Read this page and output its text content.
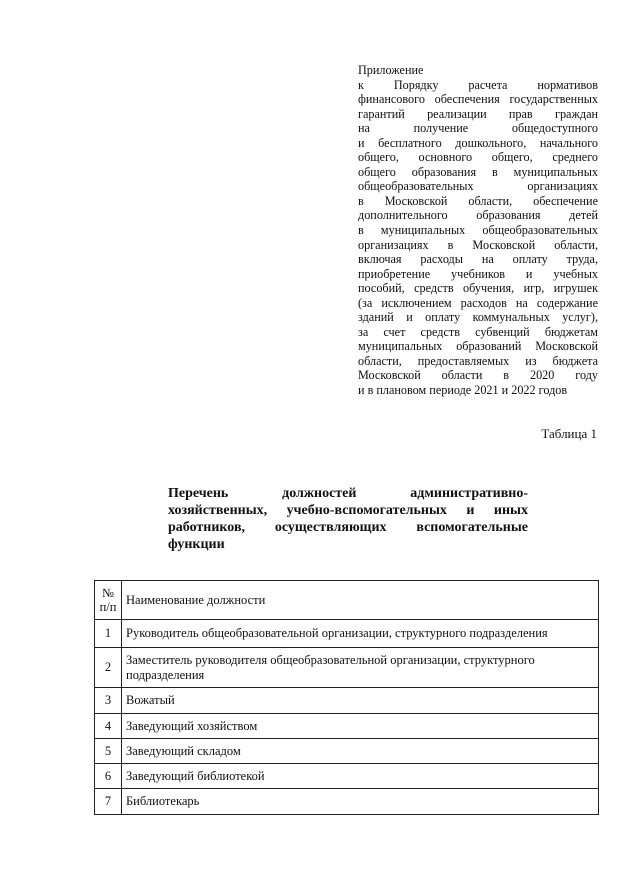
Приложение
к Порядку расчета нормативов
финансового обеспечения государственных
гарантий реализации прав граждан
на получение общедоступного
и бесплатного дошкольного, начального
общего, основного общего, среднего
общего образования в муниципальных
общеобразовательных организациях
в Московской области, обеспечение
дополнительного образования детей
в муниципальных общеобразовательных
организациях в Московской области,
включая расходы на оплату труда,
приобретение учебников и учебных
пособий, средств обучения, игр, игрушек
(за исключением расходов на содержание
зданий и оплату коммунальных услуг),
за счет средств субвенций бюджетам
муниципальных образований Московской
области, предоставляемых из бюджета
Московской области в 2020 году
и в плановом периоде 2021 и 2022 годов
Таблица 1
Перечень должностей административно-
хозяйственных, учебно-вспомогательных и иных
работников, осуществляющих вспомогательные
функции
№
п/п	Наименование должности
1	Руководитель общеобразовательной организации, структурного подразделения
2	Заместитель руководителя общеобразовательной организации, структурного подразделения
3	Вожатый
4	Заведующий хозяйством
5	Заведующий складом
6	Заведующий библиотекой
7	Библиотекарь
